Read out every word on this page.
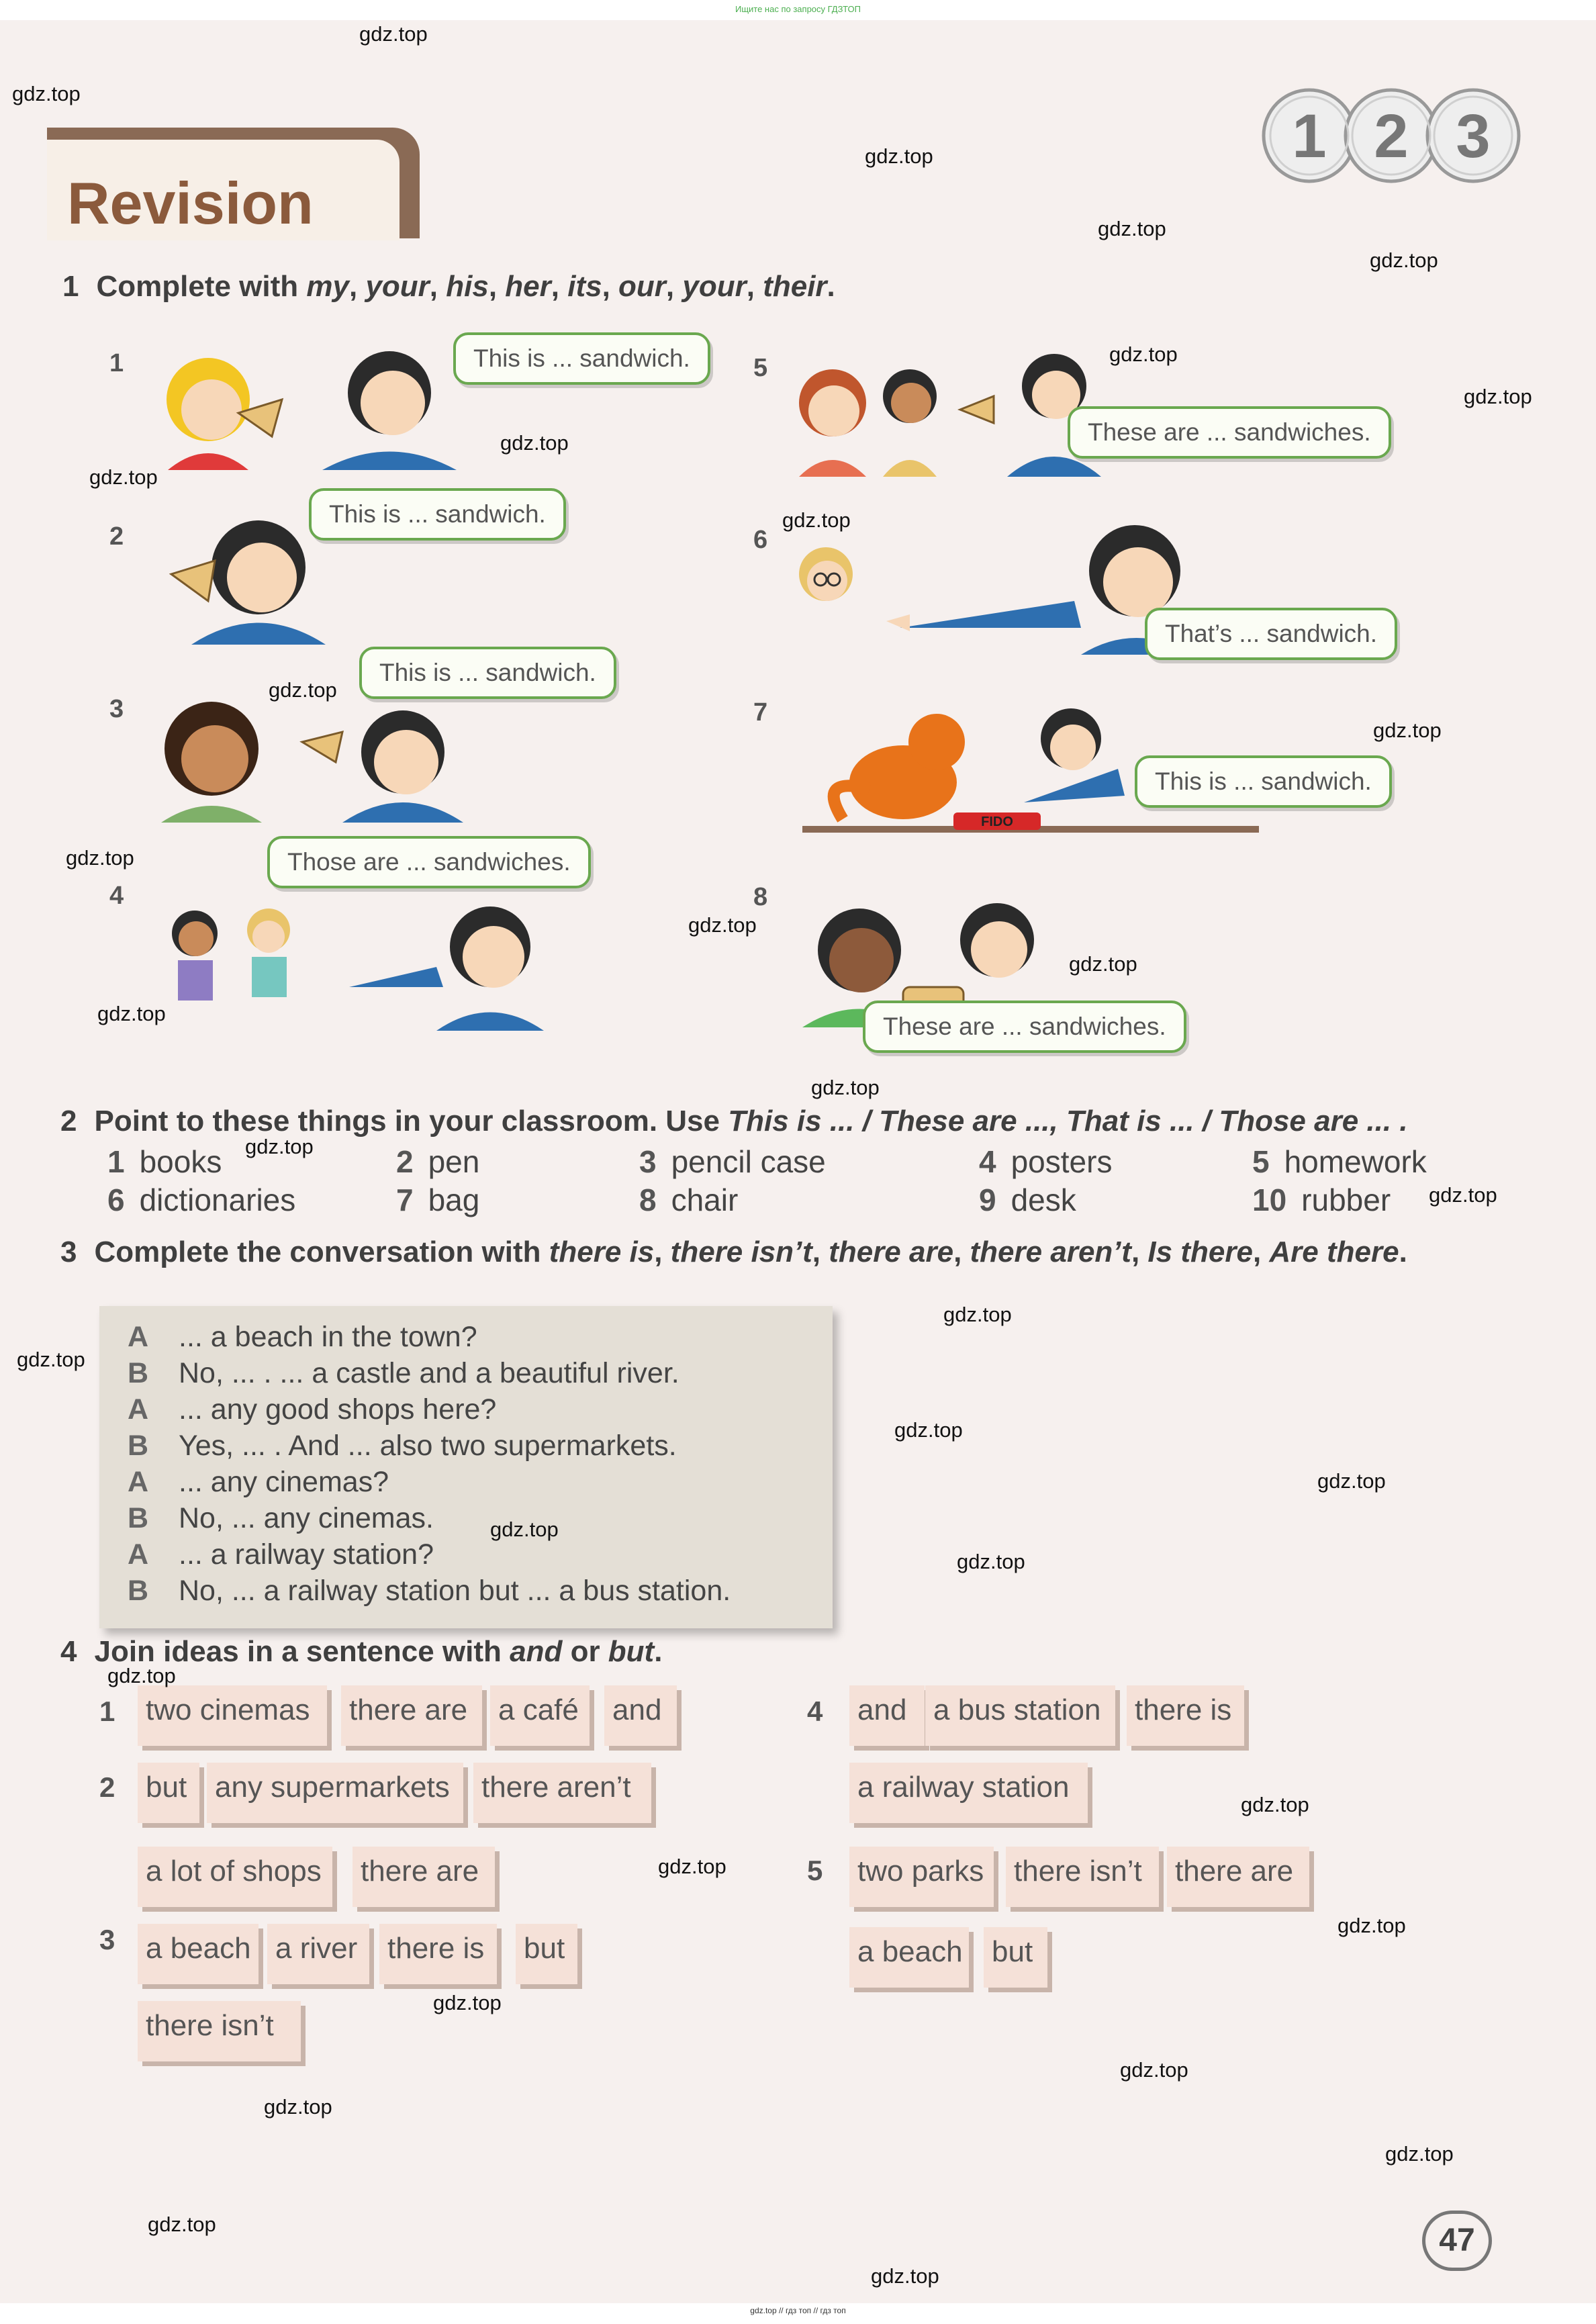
Ищите нас по запросу ГДЗТОП
Revision
1 2 3
1 Complete with my, your, his, her, its, our, your, their.
1
2
3
4
5
6
7
8
FIDO
This is ... sandwich.
This is ... sandwich.
This is ... sandwich.
Those are ... sandwiches.
These are ... sandwiches.
That’s ... sandwich.
This is ... sandwich.
These are ... sandwiches.
2 Point to these things in your classroom. Use This is ... / These are ..., That is ... / Those are ... .
1 books	2 pen	3 pencil case	4 posters	5 homework
6 dictionaries	7 bag	8 chair	9 desk	10 rubber
3 Complete the conversation with there is, there isn’t, there are, there aren’t, Is there, Are there.
A ... a beach in the town?
B No, ... . ... a castle and a beautiful river.
A ... any good shops here?
B Yes, ... . And ... also two supermarkets.
A ... any cinemas?
B No, ... any cinemas.
A ... a railway station?
B No, ... a railway station but ... a bus station.
4 Join ideas in a sentence with and or but.
1
2
3
4
5
two cinemas	there are	a café	and
but any supermarkets	there aren’t
a lot of shops	there are
a beach a river	there is	but
there isn’t
and a bus station	there is
a railway station
two parks	there isn’t	there are
a beach but
47
gdz.top
gdz.top
gdz.top
gdz.top
gdz.top
gdz.top
gdz.top
gdz.top
gdz.top
gdz.top
gdz.top
gdz.top
gdz.top
gdz.top
gdz.top
gdz.top
gdz.top
gdz.top
gdz.top
gdz.top
gdz.top
gdz.top
gdz.top
gdz.top
gdz.top
gdz.top
gdz.top
gdz.top
gdz.top
gdz.top
gdz.top
gdz.top
gdz.top
gdz.top
gdz.top
gdz.top // гдз топ // гдз топ
